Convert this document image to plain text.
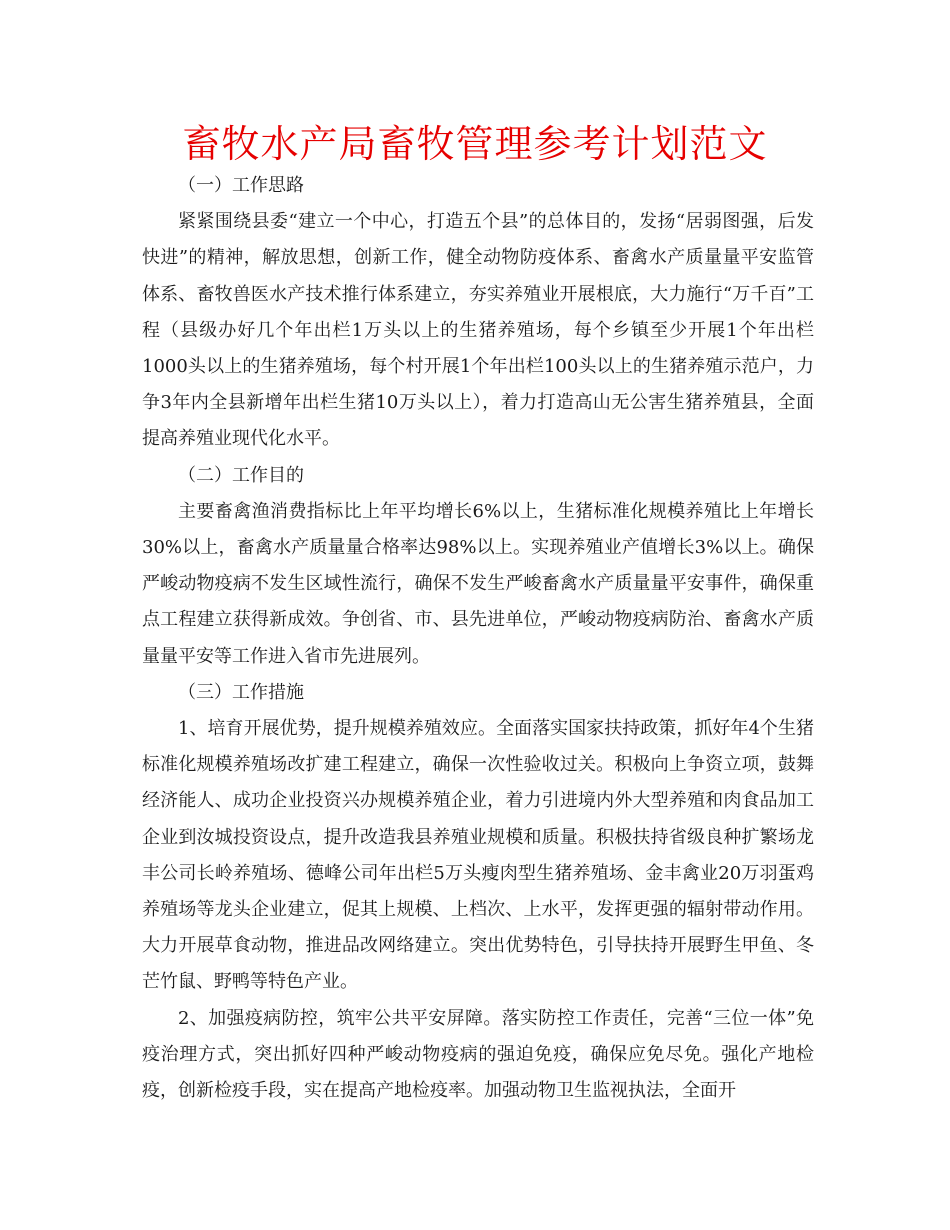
畜牧水产局畜牧管理参考计划范文

（一）工作思路

紧紧围绕县委“建立一个中心，打造五个县”的总体目的，发扬“居弱图强，后发快进”的精神，解放思想，创新工作，健全动物防疫体系、畜禽水产质量量平安监管体系、畜牧兽医水产技术推行体系建立，夯实养殖业开展根底，大力施行“万千百”工程（县级办好几个年出栏1万头以上的生猪养殖场，每个乡镇至少开展1个年出栏1000头以上的生猪养殖场，每个村开展1个年出栏100头以上的生猪养殖示范户，力争3年内全县新增年出栏生猪10万头以上），着力打造高山无公害生猪养殖县，全面提高养殖业现代化水平。

（二）工作目的

主要畜禽渔消费指标比上年平均增长6%以上，生猪标准化规模养殖比上年增长30%以上，畜禽水产质量量合格率达98%以上。实现养殖业产值增长3%以上。确保严峻动物疫病不发生区域性流行，确保不发生严峻畜禽水产质量量平安事件，确保重点工程建立获得新成效。争创省、市、县先进单位，严峻动物疫病防治、畜禽水产质量量平安等工作进入省市先进展列。

（三）工作措施

1、培育开展优势，提升规模养殖效应。全面落实国家扶持政策，抓好年4个生猪标准化规模养殖场改扩建工程建立，确保一次性验收过关。积极向上争资立项，鼓舞经济能人、成功企业投资兴办规模养殖企业，着力引进境内外大型养殖和肉食品加工企业到汝城投资设点，提升改造我县养殖业规模和质量。积极扶持省级良种扩繁场龙丰公司长岭养殖场、德峰公司年出栏5万头瘦肉型生猪养殖场、金丰禽业20万羽蛋鸡养殖场等龙头企业建立，促其上规模、上档次、上水平，发挥更强的辐射带动作用。大力开展草食动物，推进品改网络建立。突出优势特色，引导扶持开展野生甲鱼、冬芒竹鼠、野鸭等特色产业。

2、加强疫病防控，筑牢公共平安屏障。落实防控工作责任，完善“三位一体”免疫治理方式，突出抓好四种严峻动物疫病的强迫免疫，确保应免尽免。强化产地检疫，创新检疫手段，实在提高产地检疫率。加强动物卫生监视执法，全面开
